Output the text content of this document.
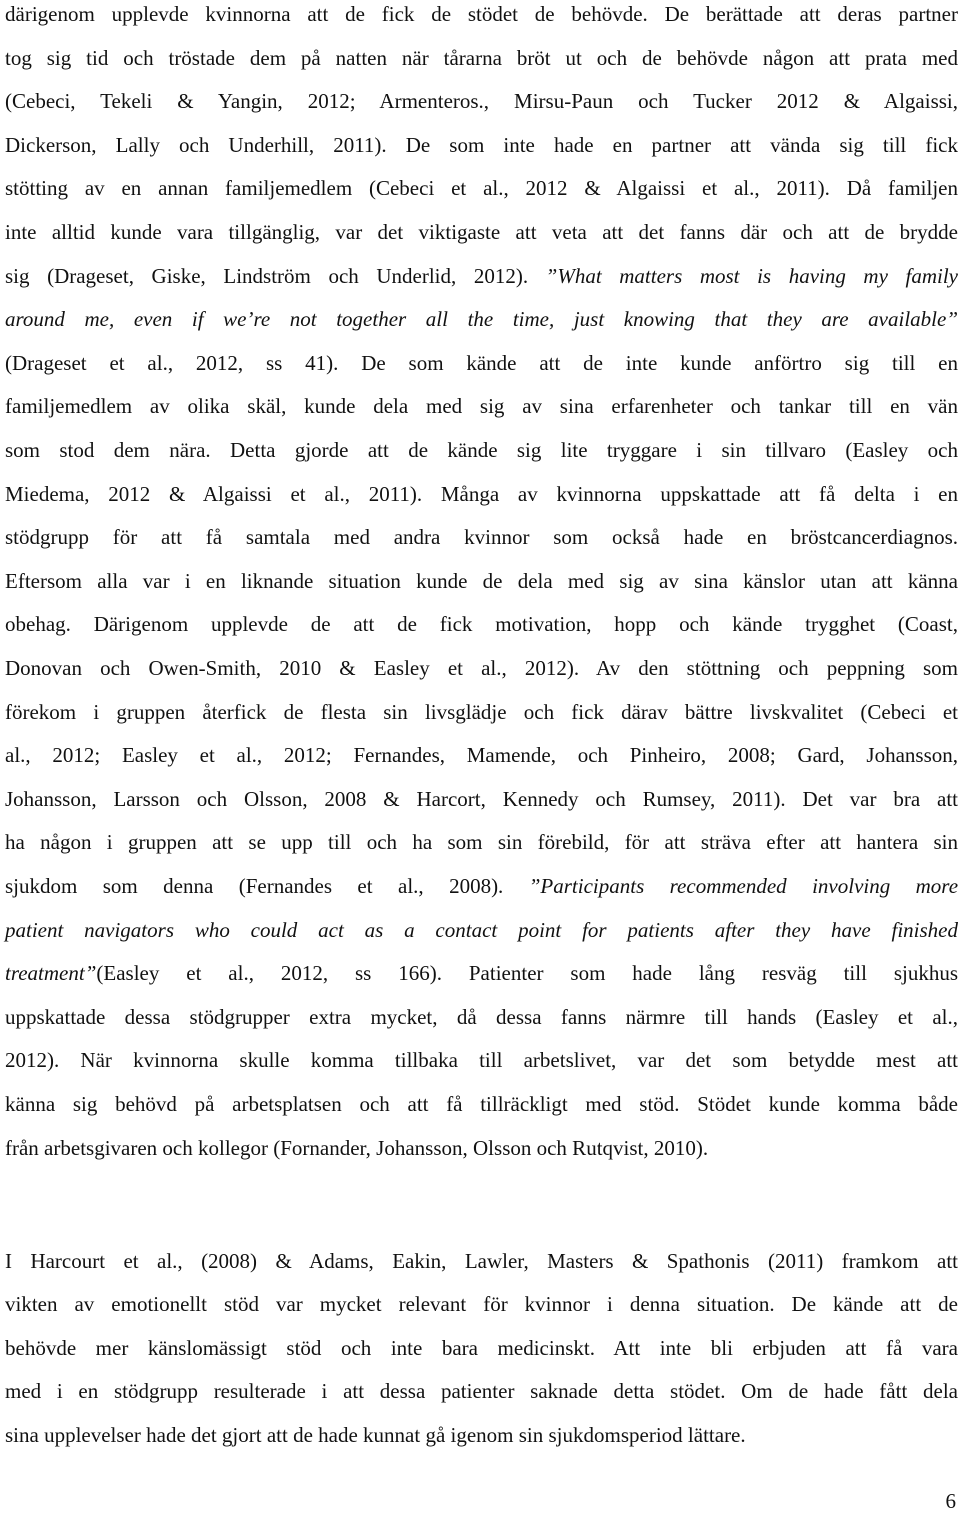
därigenom upplevde kvinnorna att de fick de stödet de behövde. De berättade att deras partner
tog sig tid och tröstade dem på natten när tårarna bröt ut och de behövde någon att prata med
(Cebeci, Tekeli & Yangin, 2012; Armenteros., Mirsu-Paun och Tucker 2012 & Algaissi,
Dickerson, Lally och Underhill, 2011). De som inte hade en partner att vända sig till fick
stötting av en annan familjemedlem (Cebeci et al., 2012 & Algaissi et al., 2011). Då familjen
inte alltid kunde vara tillgänglig, var det viktigaste att veta att det fanns där och att de brydde
sig (Drageset, Giske, Lindström och Underlid, 2012). ”What matters most is having my family
around me, even if we’re not together all the time, just knowing that they are available”
(Drageset et al., 2012, ss 41). De som kände att de inte kunde anförtro sig till en
familjemedlem av olika skäl, kunde dela med sig av sina erfarenheter och tankar till en vän
som stod dem nära. Detta gjorde att de kände sig lite tryggare i sin tillvaro (Easley och
Miedema, 2012 & Algaissi et al., 2011). Många av kvinnorna uppskattade att få delta i en
stödgrupp för att få samtala med andra kvinnor som också hade en bröstcancerdiagnos.
Eftersom alla var i en liknande situation kunde de dela med sig av sina känslor utan att känna
obehag. Därigenom upplevde de att de fick motivation, hopp och kände trygghet (Coast,
Donovan och Owen-Smith, 2010 & Easley et al., 2012). Av den stöttning och peppning som
förekom i gruppen återfick de flesta sin livsglädje och fick därav bättre livskvalitet (Cebeci et
al., 2012; Easley et al., 2012; Fernandes, Mamende, och Pinheiro, 2008; Gard, Johansson,
Johansson, Larsson och Olsson, 2008 & Harcort, Kennedy och Rumsey, 2011). Det var bra att
ha någon i gruppen att se upp till och ha som sin förebild, för att sträva efter att hantera sin
sjukdom som denna (Fernandes et al., 2008). ”Participants recommended involving more
patient navigators who could act as a contact point for patients after they have finished
treatment”(Easley et al., 2012, ss 166). Patienter som hade lång resväg till sjukhus
uppskattade dessa stödgrupper extra mycket, då dessa fanns närmre till hands (Easley et al.,
2012). När kvinnorna skulle komma tillbaka till arbetslivet, var det som betydde mest att
känna sig behövd på arbetsplatsen och att få tillräckligt med stöd. Stödet kunde komma både
från arbetsgivaren och kollegor (Fornander, Johansson, Olsson och Rutqvist, 2010).
I Harcourt et al., (2008) & Adams, Eakin, Lawler, Masters & Spathonis (2011) framkom att
vikten av emotionellt stöd var mycket relevant för kvinnor i denna situation. De kände att de
behövde mer känslomässigt stöd och inte bara medicinskt. Att inte bli erbjuden att få vara
med i en stödgrupp resulterade i att dessa patienter saknade detta stödet. Om de hade fått dela
sina upplevelser hade det gjort att de hade kunnat gå igenom sin sjukdomsperiod lättare.
6
